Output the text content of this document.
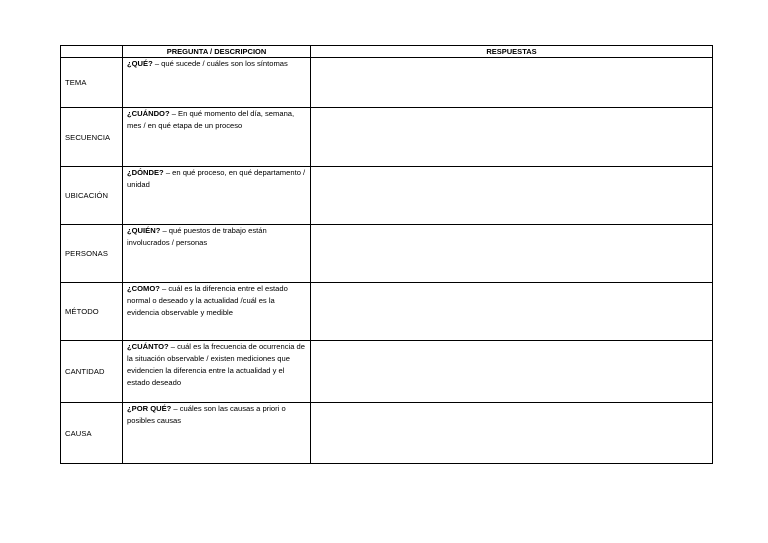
	PREGUNTA / DESCRIPCION	RESPUESTAS
TEMA	¿QUÉ? – qué sucede / cuáles son los síntomas	
SECUENCIA	¿CUÁNDO? – En qué momento del día, semana, mes / en qué etapa de un proceso	
UBICACIÓN	¿DÓNDE? – en qué proceso, en qué departamento / unidad	
PERSONAS	¿QUIÉN? – qué puestos de trabajo están involucrados / personas	
MÉTODO	¿COMO? – cuál es la diferencia entre el estado normal o deseado y la actualidad /cuál es la evidencia observable y medible	
CANTIDAD	¿CUÁNTO? – cuál es la frecuencia de ocurrencia de la situación observable / existen mediciones que evidencien la diferencia entre la actualidad y el estado deseado	
CAUSA	¿POR QUÉ? – cuáles son las causas a priori o posibles causas	
